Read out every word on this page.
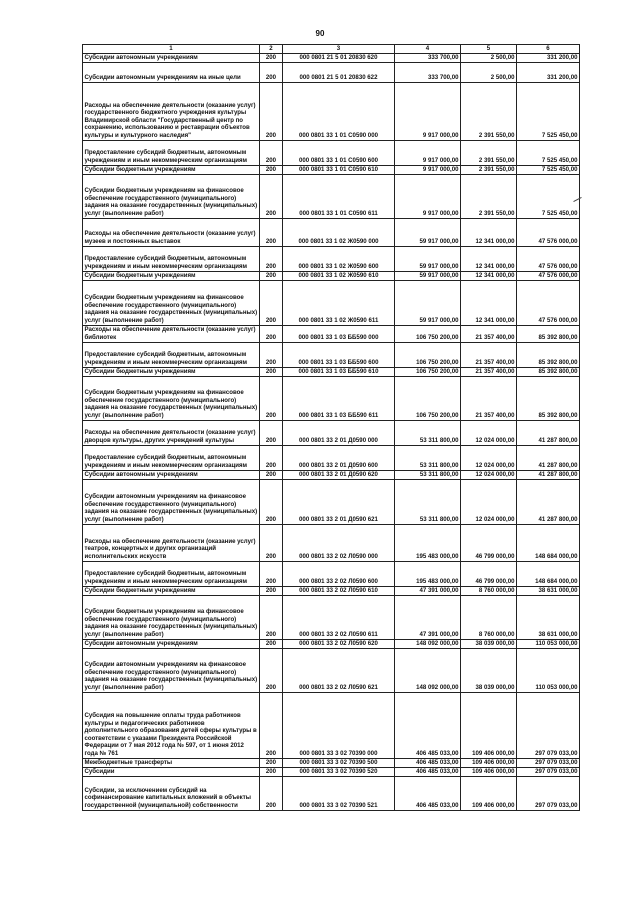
90
1	2	3	4	5	6
Субсидии автономным учреждениям	200	000 0801 21 5 01 20830 620	333 700,00	2 500,00	331 200,00
Субсидии автономным учреждениям на иные цели	200	000 0801 21 5 01 20830 622	333 700,00	2 500,00	331 200,00
Расходы на обеспечение деятельности (оказание услуг) государственного бюджетного учреждения культуры Владимирской области "Государственный центр по сохранению, использованию и реставрации объектов культуры и культурного наследия"	200	000 0801 33 1 01 С0590 000	9 917 000,00	2 391 550,00	7 525 450,00
Предоставление субсидий бюджетным, автономным учреждениям и иным некоммерческим организациям	200	000 0801 33 1 01 С0590 600	9 917 000,00	2 391 550,00	7 525 450,00
Субсидии бюджетным учреждениям	200	000 0801 33 1 01 С0590 610	9 917 000,00	2 391 550,00	7 525 450,00
Субсидии бюджетным учреждениям на финансовое обеспечение государственного (муниципального) задания на оказание государственных (муниципальных) услуг (выполнение работ)	200	000 0801 33 1 01 С0590 611	9 917 000,00	2 391 550,00	7 525 450,00
Расходы на обеспечение деятельности (оказание услуг) музеев и постоянных выставок	200	000 0801 33 1 02 Ж0590 000	59 917 000,00	12 341 000,00	47 576 000,00
Предоставление субсидий бюджетным, автономным учреждениям и иным некоммерческим организациям	200	000 0801 33 1 02 Ж0590 600	59 917 000,00	12 341 000,00	47 576 000,00
Субсидии бюджетным учреждениям	200	000 0801 33 1 02 Ж0590 610	59 917 000,00	12 341 000,00	47 576 000,00
Субсидии бюджетным учреждениям на финансовое обеспечение государственного (муниципального) задания на оказание государственных (муниципальных) услуг (выполнение работ)	200	000 0801 33 1 02 Ж0590 611	59 917 000,00	12 341 000,00	47 576 000,00
Расходы на обеспечение деятельности (оказание услуг) библиотек	200	000 0801 33 1 03 ББ590 000	106 750 200,00	21 357 400,00	85 392 800,00
Предоставление субсидий бюджетным, автономным учреждениям и иным некоммерческим организациям	200	000 0801 33 1 03 ББ590 600	106 750 200,00	21 357 400,00	85 392 800,00
Субсидии бюджетным учреждениям	200	000 0801 33 1 03 ББ590 610	106 750 200,00	21 357 400,00	85 392 800,00
Субсидии бюджетным учреждениям на финансовое обеспечение государственного (муниципального) задания на оказание государственных (муниципальных) услуг (выполнение работ)	200	000 0801 33 1 03 ББ590 611	106 750 200,00	21 357 400,00	85 392 800,00
Расходы на обеспечение деятельности (оказание услуг) дворцов культуры, других учреждений культуры	200	000 0801 33 2 01 Д0590 000	53 311 800,00	12 024 000,00	41 287 800,00
Предоставление субсидий бюджетным, автономным учреждениям и иным некоммерческим организациям	200	000 0801 33 2 01 Д0590 600	53 311 800,00	12 024 000,00	41 287 800,00
Субсидии автономным учреждениям	200	000 0801 33 2 01 Д0590 620	53 311 800,00	12 024 000,00	41 287 800,00
Субсидии автономным учреждениям на финансовое обеспечение государственного (муниципального) задания на оказание государственных (муниципальных) услуг (выполнение работ)	200	000 0801 33 2 01 Д0590 621	53 311 800,00	12 024 000,00	41 287 800,00
Расходы на обеспечение деятельности (оказание услуг) театров, концертных и других организаций исполнительских искусств	200	000 0801 33 2 02 Л0590 000	195 483 000,00	46 799 000,00	148 684 000,00
Предоставление субсидий бюджетным, автономным учреждениям и иным некоммерческим организациям	200	000 0801 33 2 02 Л0590 600	195 483 000,00	46 799 000,00	148 684 000,00
Субсидии бюджетным учреждениям	200	000 0801 33 2 02 Л0590 610	47 391 000,00	8 760 000,00	38 631 000,00
Субсидии бюджетным учреждениям на финансовое обеспечение государственного (муниципального) задания на оказание государственных (муниципальных) услуг (выполнение работ)	200	000 0801 33 2 02 Л0590 611	47 391 000,00	8 760 000,00	38 631 000,00
Субсидии автономным учреждениям	200	000 0801 33 2 02 Л0590 620	148 092 000,00	38 039 000,00	110 053 000,00
Субсидии автономным учреждениям на финансовое обеспечение государственного (муниципального) задания на оказание государственных (муниципальных) услуг (выполнение работ)	200	000 0801 33 2 02 Л0590 621	148 092 000,00	38 039 000,00	110 053 000,00
Субсидия на повышение оплаты труда работников культуры и педагогических работников дополнительного образования детей сферы культуры в соответствии с указами Президента Российской Федерации от 7 мая 2012 года № 597, от 1 июня 2012 года № 761	200	000 0801 33 3 02 70390 000	406 485 033,00	109 406 000,00	297 079 033,00
Межбюджетные трансферты	200	000 0801 33 3 02 70390 500	406 485 033,00	109 406 000,00	297 079 033,00
Субсидии	200	000 0801 33 3 02 70390 520	406 485 033,00	109 406 000,00	297 079 033,00
Субсидии, за исключением субсидий на софинансирование капитальных вложений в объекты государственной (муниципальной) собственности	200	000 0801 33 3 02 70390 521	406 485 033,00	109 406 000,00	297 079 033,00
